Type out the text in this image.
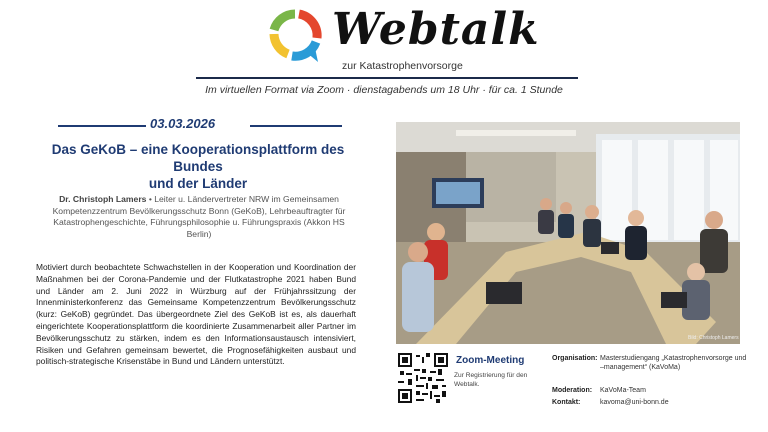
Webtalk
zur Katastrophenvorsorge
Im virtuellen Format via Zoom · dienstagabends um 18 Uhr · für ca. 1 Stunde
03.03.2026
Das GeKoB – eine Kooperationsplattform des Bundes
und der Länder
Dr. Christoph Lamers • Leiter u. Ländervertreter NRW im Gemeinsamen Kompetenzzentrum Bevölkerungsschutz Bonn (GeKoB), Lehrbeauftragter für Katastrophengeschichte, Führungsphilosophie u. Führungspraxis (Akkon HS Berlin)
Motiviert durch beobachtete Schwachstellen in der Kooperation und Koordination der Maßnahmen bei der Corona-Pandemie und der Flutkatastrophe 2021 haben Bund und Länder am 2. Juni 2022 in Würzburg auf der Frühjahrssitzung der Innenministerkonferenz das Gemeinsame Kompetenzzentrum Bevölkerungsschutz (kurz: GeKoB) gegründet. Das übergeordnete Ziel des GeKoB ist es, als dauerhaft eingerichtete Kooperationsplattform die koordinierte Zusammenarbeit aller Partner im Bevölkerungsschutz zu stärken, indem es den Informationsaustausch intensiviert, Risiken und Gefahren gemeinsam bewertet, die Prognosefähigkeiten ausbaut und politisch-strategische Krisenstäbe in Bund und Ländern unterstützt.
Bild: Christoph Lamers
Zoom-Meeting
Zur Registrierung für den Webtalk.
Organisation: Masterstudiengang „Katastrophenvorsorge und –management“ (KaVoMa)
Moderation: KaVoMa-Team
Kontakt:	kavoma@uni-bonn.de
